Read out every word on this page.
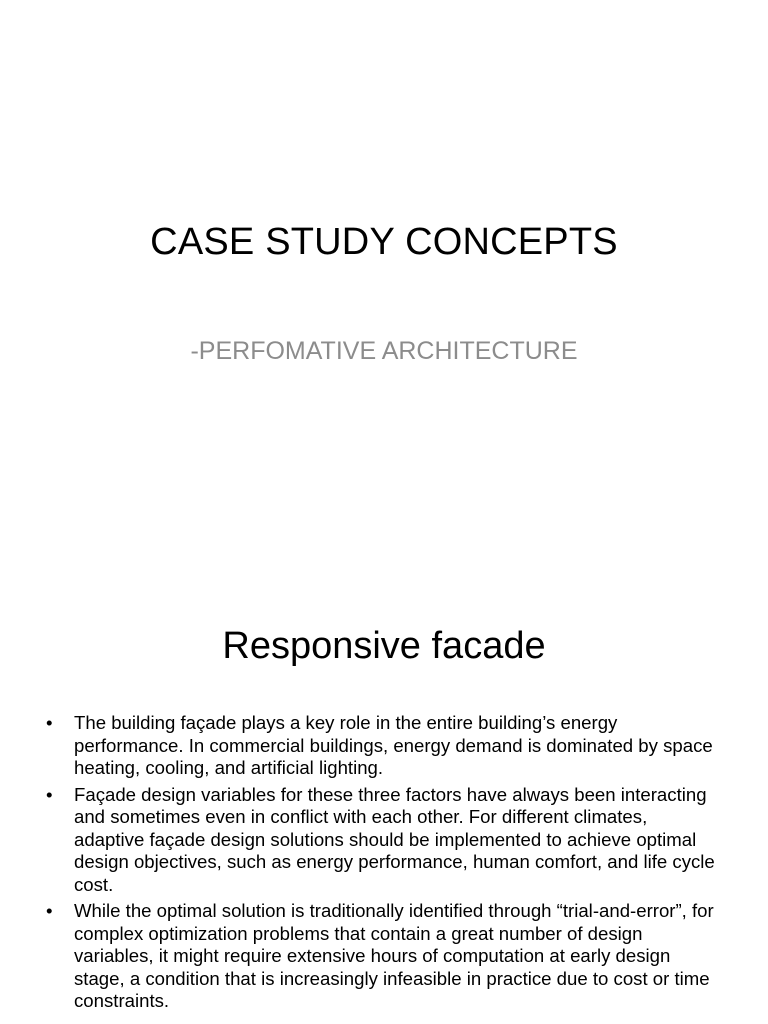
CASE STUDY CONCEPTS
-PERFOMATIVE ARCHITECTURE
Responsive facade
•	The building façade plays a key role in the entire building’s energy performance. In commercial buildings, energy demand is dominated by space heating, cooling, and artificial lighting.
•	Façade design variables for these three factors have always been interacting and sometimes even in conflict with each other. For different climates, adaptive façade design solutions should be implemented to achieve optimal design objectives, such as energy performance, human comfort, and life cycle cost.
•	While the optimal solution is traditionally identified through “trial-and-error”, for complex optimization problems that contain a great number of design variables, it might require extensive hours of computation at early design stage, a condition that is increasingly infeasible in practice due to cost or time constraints.
